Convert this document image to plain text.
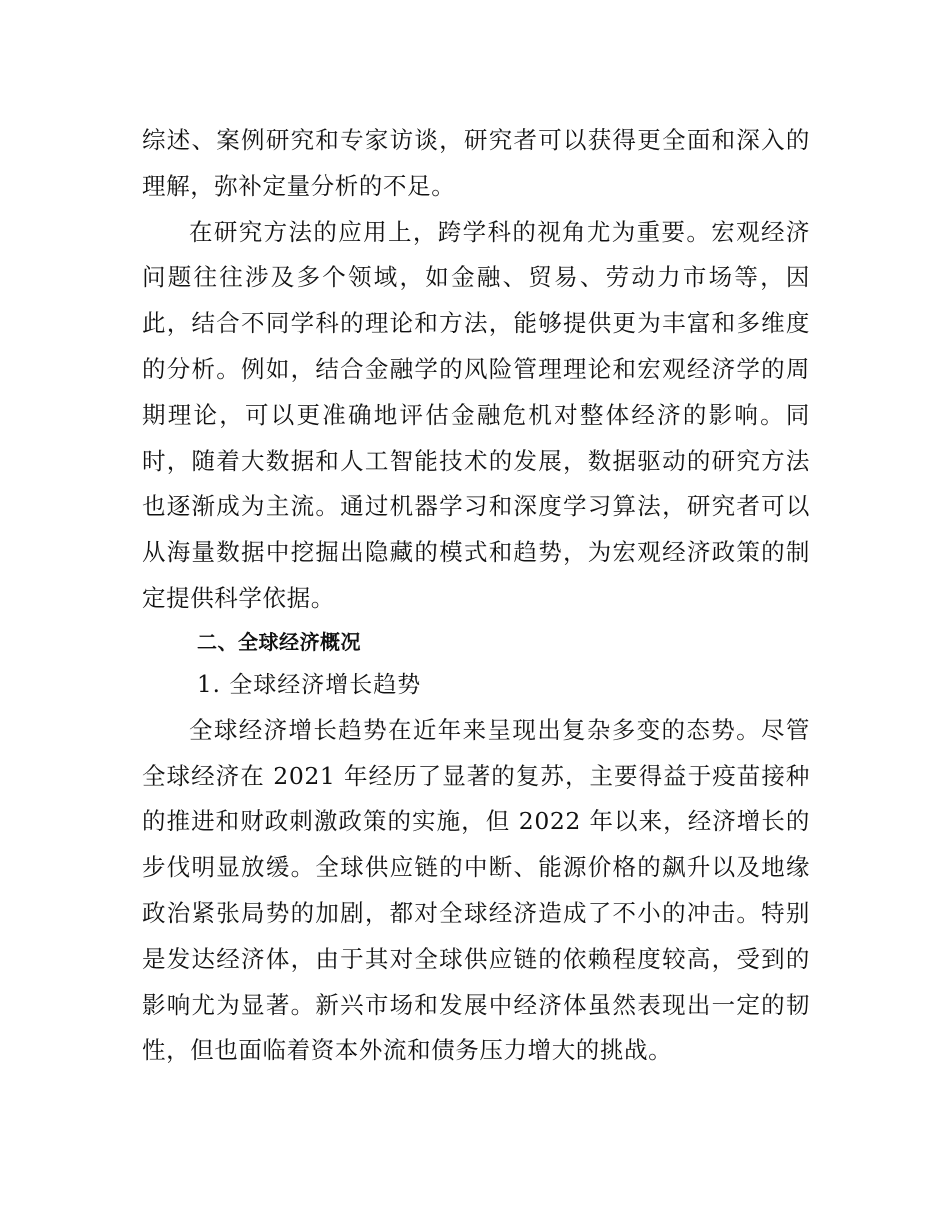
综述、案例研究和专家访谈，研究者可以获得更全面和深入的理解，弥补定量分析的不足。

在研究方法的应用上，跨学科的视角尤为重要。宏观经济问题往往涉及多个领域，如金融、贸易、劳动力市场等，因此，结合不同学科的理论和方法，能够提供更为丰富和多维度的分析。例如，结合金融学的风险管理理论和宏观经济学的周期理论，可以更准确地评估金融危机对整体经济的影响。同时，随着大数据和人工智能技术的发展，数据驱动的研究方法也逐渐成为主流。通过机器学习和深度学习算法，研究者可以从海量数据中挖掘出隐藏的模式和趋势，为宏观经济政策的制定提供科学依据。

二、全球经济概况

1. 全球经济增长趋势

全球经济增长趋势在近年来呈现出复杂多变的态势。尽管全球经济在 2021 年经历了显著的复苏，主要得益于疫苗接种的推进和财政刺激政策的实施，但 2022 年以来，经济增长的步伐明显放缓。全球供应链的中断、能源价格的飙升以及地缘政治紧张局势的加剧，都对全球经济造成了不小的冲击。特别是发达经济体，由于其对全球供应链的依赖程度较高，受到的影响尤为显著。新兴市场和发展中经济体虽然表现出一定的韧性，但也面临着资本外流和债务压力增大的挑战。
